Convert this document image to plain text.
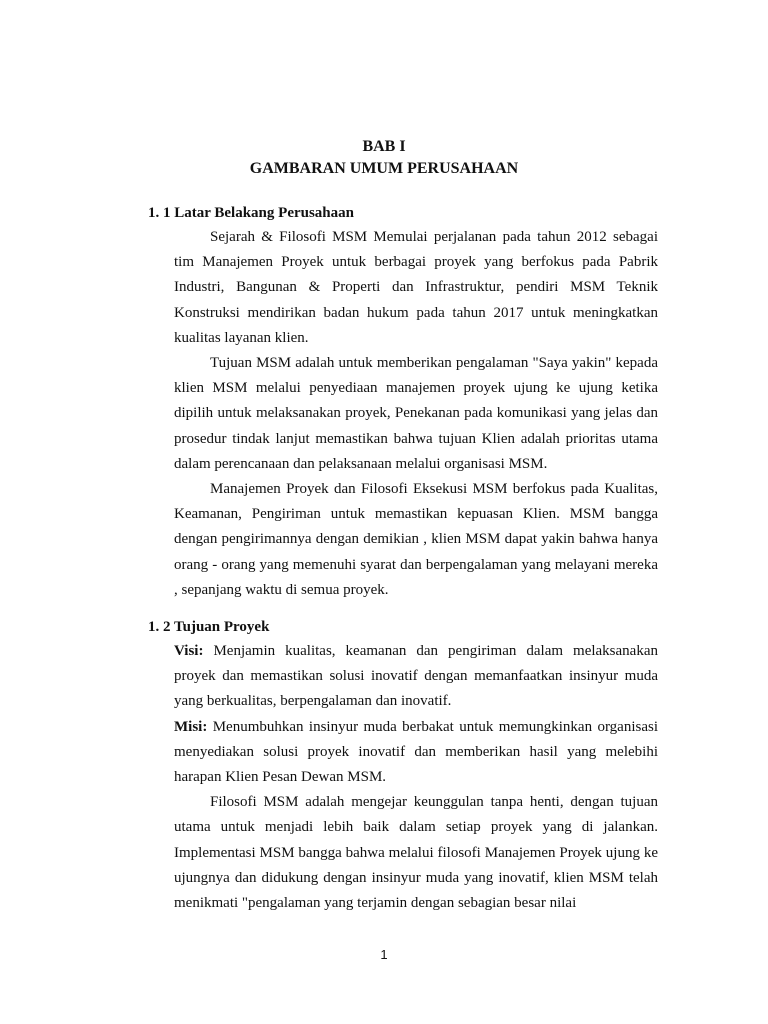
BAB I
GAMBARAN UMUM PERUSAHAAN
1. 1 Latar Belakang Perusahaan

Sejarah & Filosofi MSM Memulai perjalanan pada tahun 2012 sebagai tim Manajemen Proyek untuk berbagai proyek yang berfokus pada Pabrik Industri, Bangunan & Properti dan Infrastruktur, pendiri MSM Teknik Konstruksi mendirikan badan hukum pada tahun 2017 untuk meningkatkan kualitas layanan klien.

Tujuan MSM adalah untuk memberikan pengalaman "Saya yakin" kepada klien MSM melalui penyediaan manajemen proyek ujung ke ujung ketika dipilih untuk melaksanakan proyek, Penekanan pada komunikasi yang jelas dan prosedur tindak lanjut memastikan bahwa tujuan Klien adalah prioritas utama dalam perencanaan dan pelaksanaan melalui organisasi MSM.

Manajemen Proyek dan Filosofi Eksekusi MSM berfokus pada Kualitas, Keamanan, Pengiriman untuk memastikan kepuasan Klien. MSM bangga dengan pengirimannya dengan demikian , klien MSM dapat yakin bahwa hanya orang - orang yang memenuhi syarat dan berpengalaman yang melayani mereka , sepanjang waktu di semua proyek.

1. 2 Tujuan Proyek

Visi: Menjamin kualitas, keamanan dan pengiriman dalam melaksanakan proyek dan memastikan solusi inovatif dengan memanfaatkan insinyur muda yang berkualitas, berpengalaman dan inovatif.

Misi: Menumbuhkan insinyur muda berbakat untuk memungkinkan organisasi menyediakan solusi proyek inovatif dan memberikan hasil yang melebihi harapan Klien Pesan Dewan MSM.

Filosofi MSM adalah mengejar keunggulan tanpa henti, dengan tujuan utama untuk menjadi lebih baik dalam setiap proyek yang di jalankan. Implementasi MSM bangga bahwa melalui filosofi Manajemen Proyek ujung ke ujungnya dan didukung dengan insinyur muda yang inovatif, klien MSM telah menikmati "pengalaman yang terjamin dengan sebagian besar nilai

1
